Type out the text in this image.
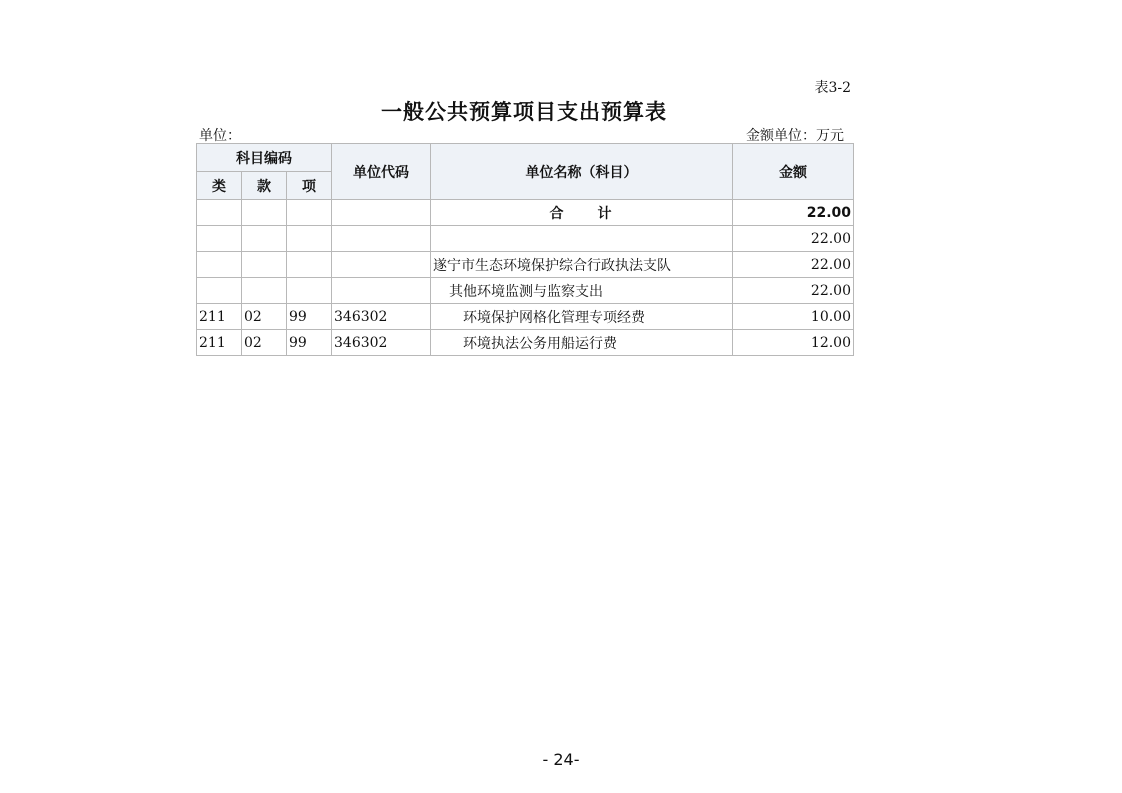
表3-2
一般公共预算项目支出预算表
单位：	金额单位：万元
科目编码			单位代码	单位名称（科目）	金额
类	款	项			
				合　　计	22.00
					22.00
				遂宁市生态环境保护综合行政执法支队	22.00
				其他环境监测与监察支出	22.00
211	02	99	346302	环境保护网格化管理专项经费	10.00
211	02	99	346302	环境执法公务用船运行费	12.00
- 24-
